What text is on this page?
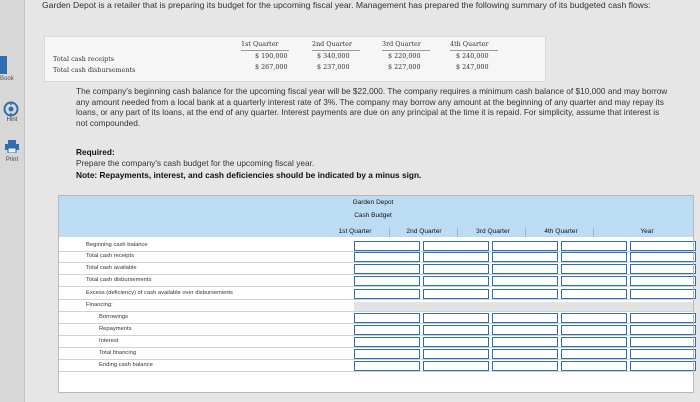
Book
Hint
Print
Garden Depot is a retailer that is preparing its budget for the upcoming fiscal year. Management has prepared the following summary of its budgeted cash flows:
1st Quarter	2nd Quarter	3rd Quarter	4th Quarter
Total cash receipts	$ 190,000	$ 340,000	$ 220,000	$ 240,000
Total cash disbursements	$ 267,000	$ 237,000	$ 227,000	$ 247,000
The company's beginning cash balance for the upcoming fiscal year will be $22,000. The company requires a minimum cash balance of $10,000 and may borrow any amount needed from a local bank at a quarterly interest rate of 3%. The company may borrow any amount at the beginning of any quarter and may repay its loans, or any part of its loans, at the end of any quarter. Interest payments are due on any principal at the time it is repaid. For simplicity, assume that interest is not compounded.
Required:
Prepare the company's cash budget for the upcoming fiscal year.
Note: Repayments, interest, and cash deficiencies should be indicated by a minus sign.
Garden Depot
Cash Budget
1st Quarter	2nd Quarter	3rd Quarter	4th Quarter	Year
Beginning cash balance
Total cash receipts
Total cash available
Total cash disbursements
Excess (deficiency) of cash available over disbursements
Financing:
Borrowings
Repayments
Interest
Total financing
Ending cash balance
